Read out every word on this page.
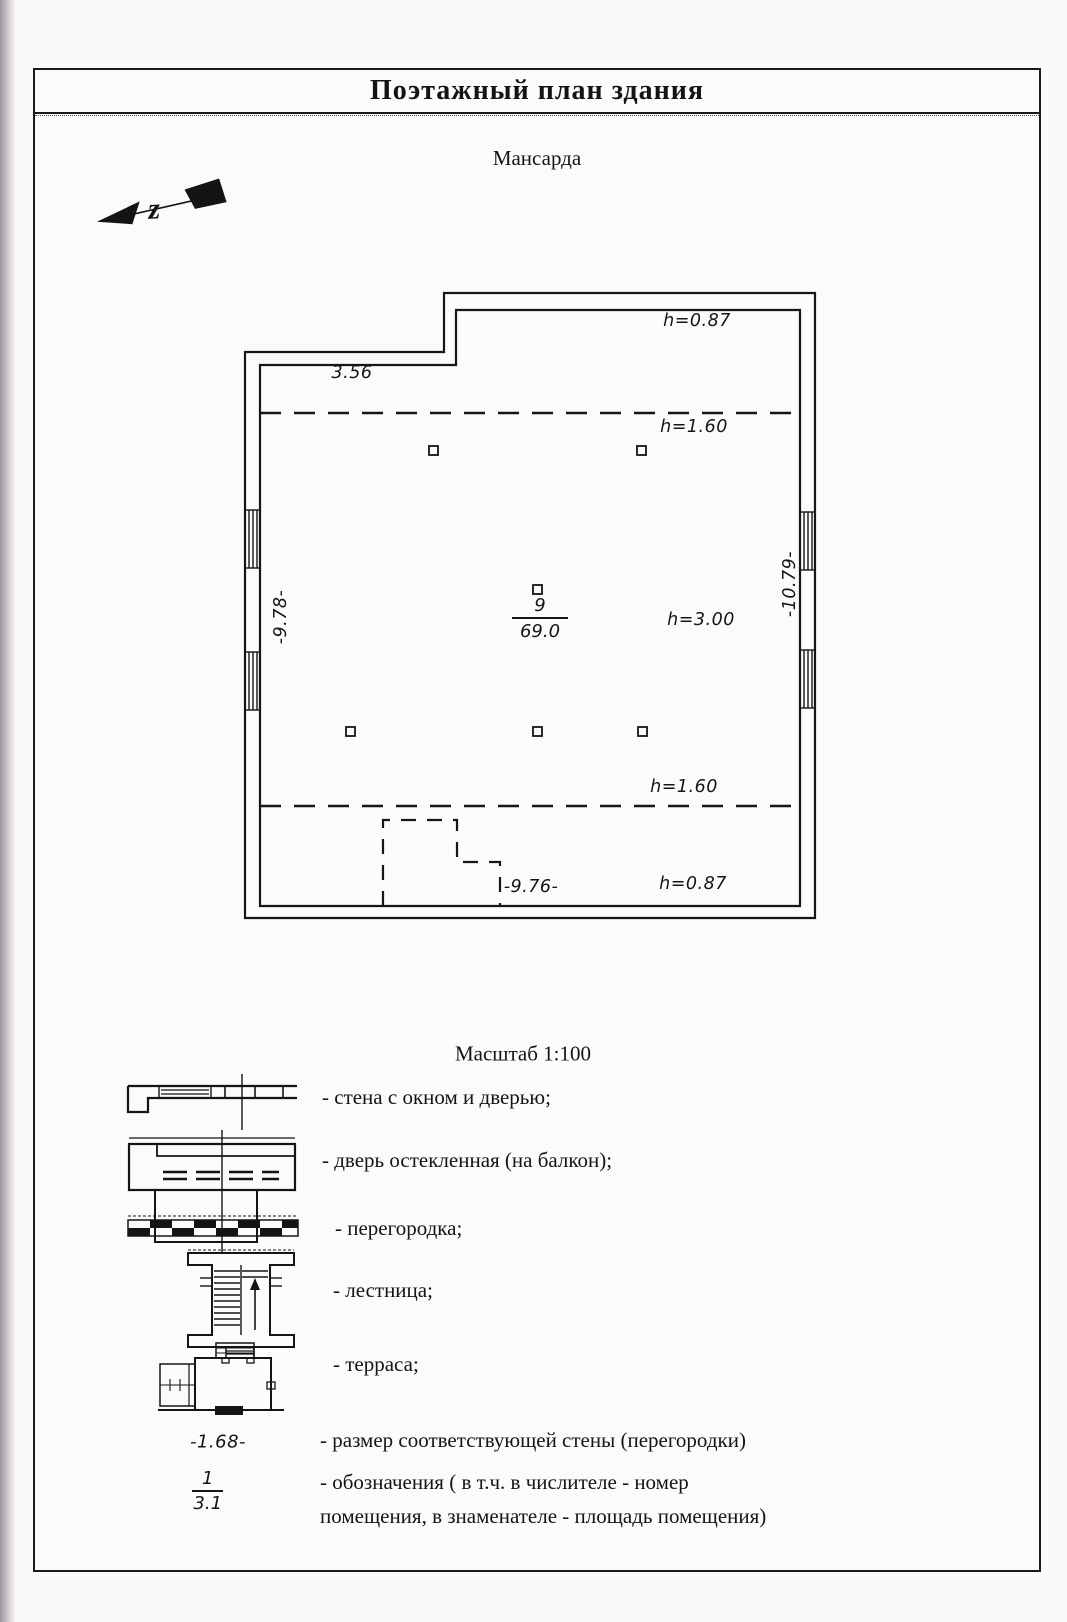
Поэтажный план здания
Мансарда
z
3.56
h=0.87
h=1.60
h=3.00
h=1.60
h=0.87
-9.76-
-9.78-	-10.79-
$\frac{9}{69.0}$
Масштаб 1:100
- стена с окном и дверью;
- дверь остекленная (на балкон);
- перегородка;
- лестница;
- терраса;
-1.68-	- размер соответствующей стены (перегородки)
$\frac{1}{3.1}$	- обозначения ( в т.ч. в числителе - номер
помещения, в знаменателе - площадь помещения)
